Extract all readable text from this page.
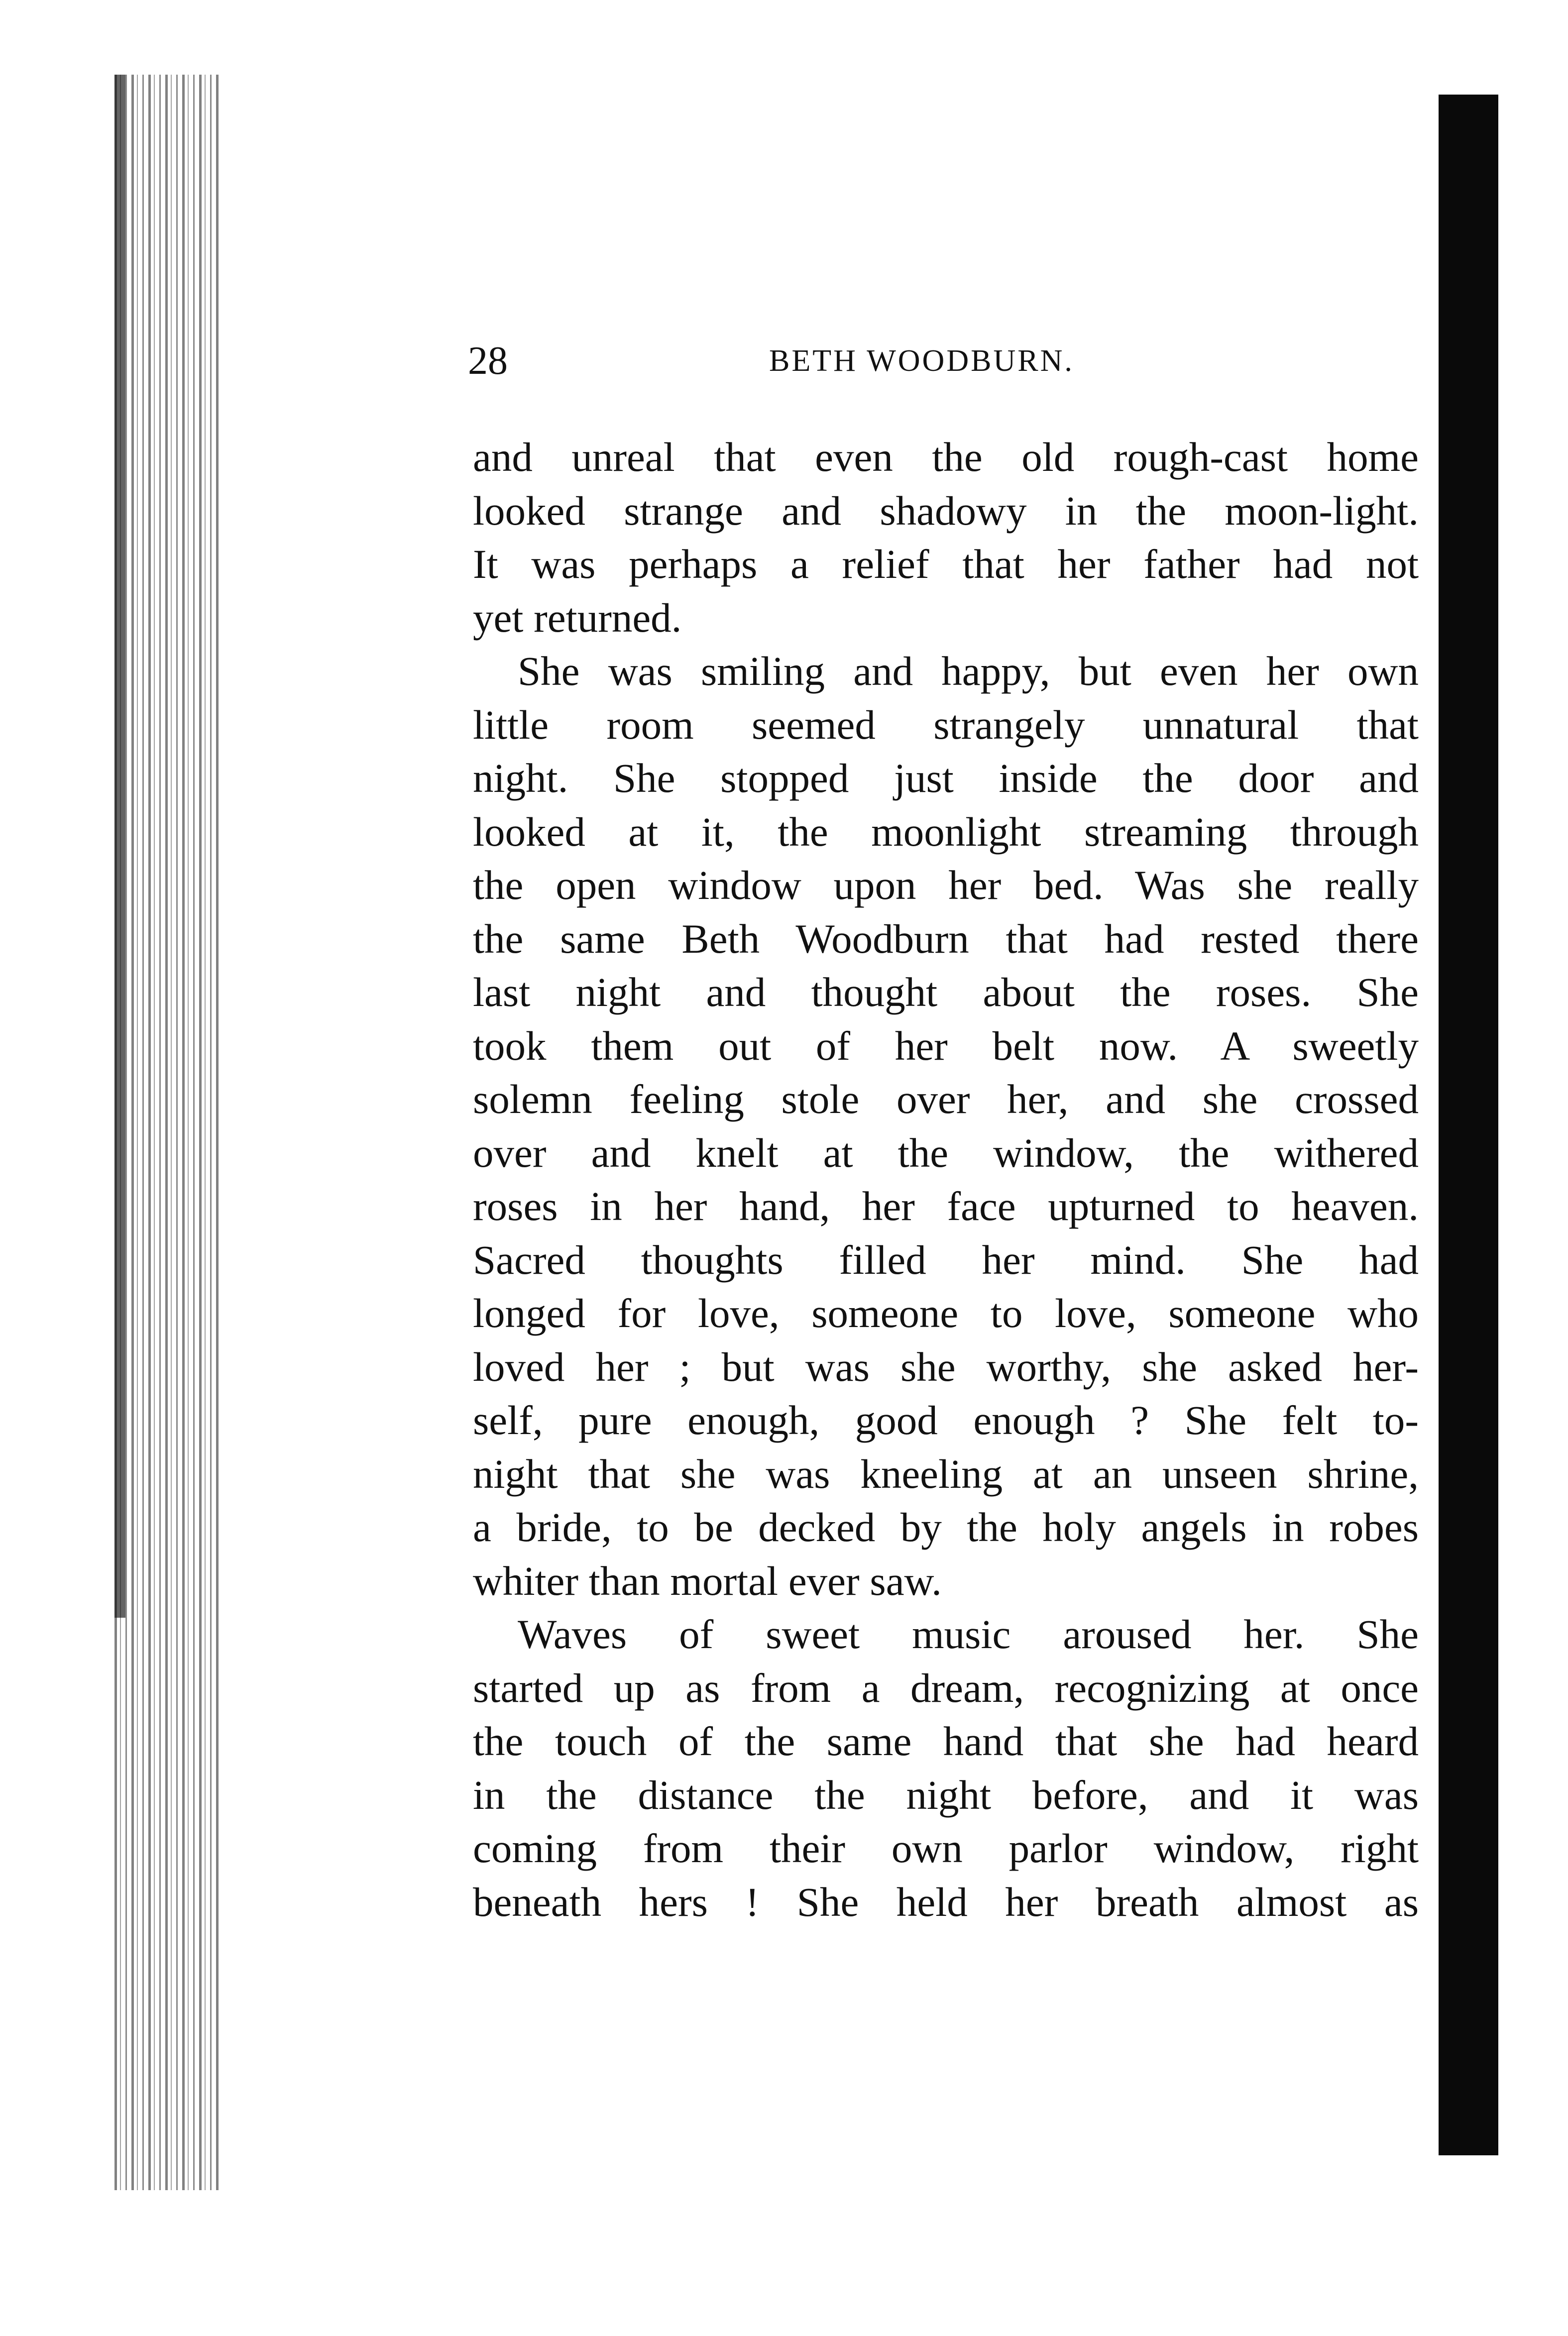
28	BETH WOODBURN.
and unreal that even the old rough-cast home
looked strange and shadowy in the moon-light.
It was perhaps a relief that her father had not
yet returned.
She was smiling and happy, but even her own
little room seemed strangely unnatural that
night. She stopped just inside the door and
looked at it, the moonlight streaming through
the open window upon her bed. Was she really
the same Beth Woodburn that had rested there
last night and thought about the roses. She
took them out of her belt now. A sweetly
solemn feeling stole over her, and she crossed
over and knelt at the window, the withered
roses in her hand, her face upturned to heaven.
Sacred thoughts filled her mind. She had
longed for love, someone to love, someone who
loved her ; but was she worthy, she asked her-
self, pure enough, good enough ? She felt to-
night that she was kneeling at an unseen shrine,
a bride, to be decked by the holy angels in robes
whiter than mortal ever saw.
Waves of sweet music aroused her. She
started up as from a dream, recognizing at once
the touch of the same hand that she had heard
in the distance the night before, and it was
coming from their own parlor window, right
beneath hers ! She held her breath almost as
